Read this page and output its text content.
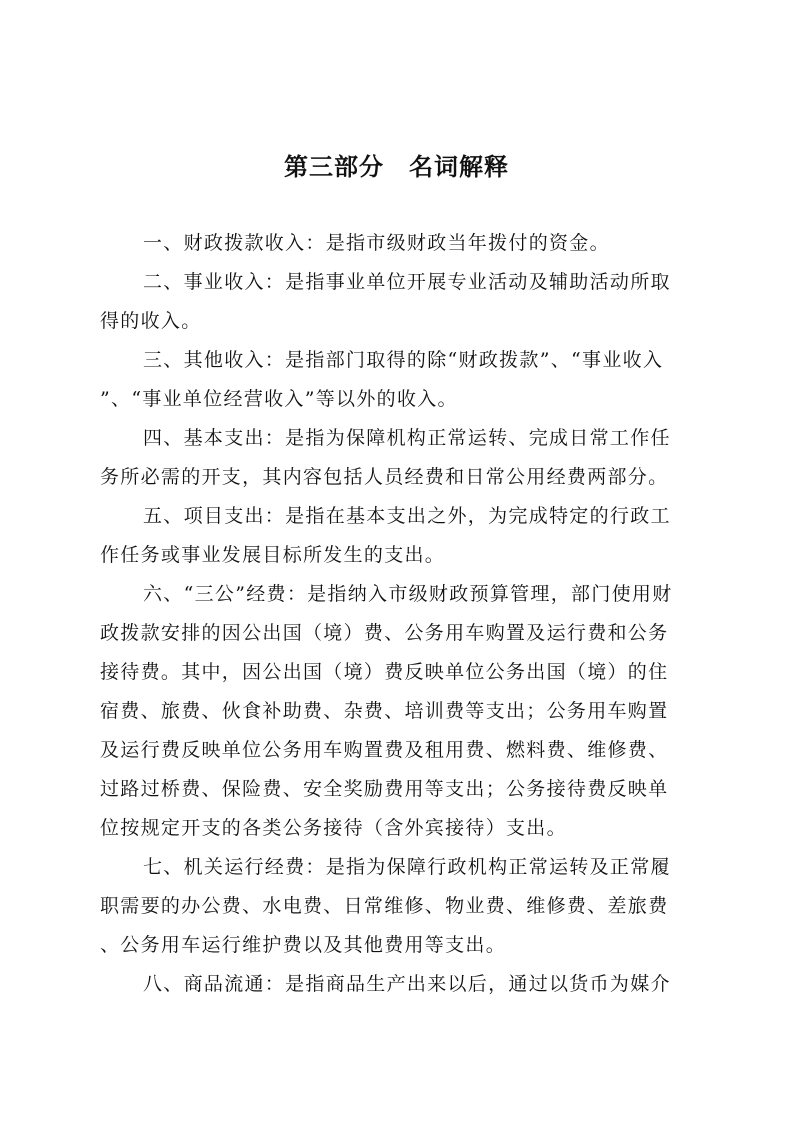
第三部分　名词解释
一、财政拨款收入：是指市级财政当年拨付的资金。
二、事业收入：是指事业单位开展专业活动及辅助活动所取
得的收入。
三、其他收入：是指部门取得的除“财政拨款”、“事业收入
”、“事业单位经营收入”等以外的收入。
四、基本支出：是指为保障机构正常运转、完成日常工作任
务所必需的开支，其内容包括人员经费和日常公用经费两部分。
五、项目支出：是指在基本支出之外，为完成特定的行政工
作任务或事业发展目标所发生的支出。
六、“三公”经费：是指纳入市级财政预算管理，部门使用财
政拨款安排的因公出国（境）费、公务用车购置及运行费和公务
接待费。其中，因公出国（境）费反映单位公务出国（境）的住
宿费、旅费、伙食补助费、杂费、培训费等支出；公务用车购置
及运行费反映单位公务用车购置费及租用费、燃料费、维修费、
过路过桥费、保险费、安全奖励费用等支出；公务接待费反映单
位按规定开支的各类公务接待（含外宾接待）支出。
七、机关运行经费：是指为保障行政机构正常运转及正常履
职需要的办公费、水电费、日常维修、物业费、维修费、差旅费
、公务用车运行维护费以及其他费用等支出。
八、商品流通：是指商品生产出来以后，通过以货币为媒介
